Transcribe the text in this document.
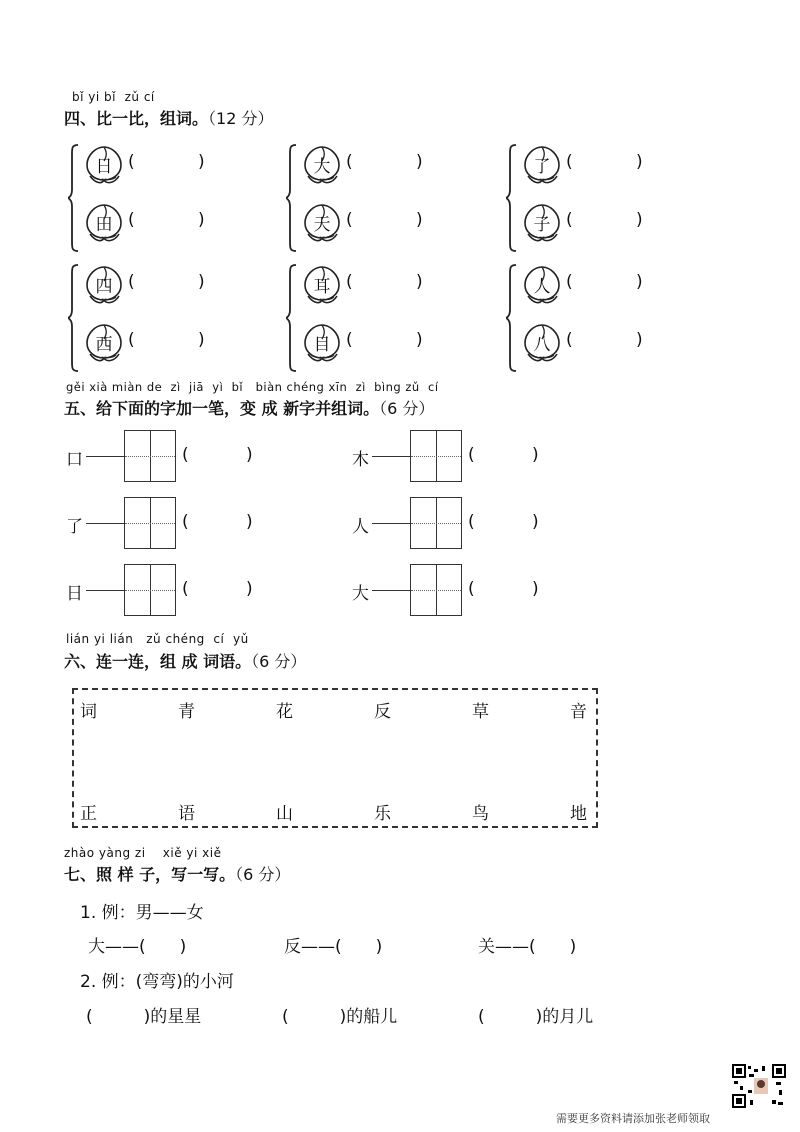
bǐ yi bǐ  zǔ cí
四、比一比，组词。（12 分）
日 (	)
田 (	)
大 (	)
天 (	)
了 (	)
子 (	)
四 (	)
西 (	)
耳 (	)
目 (	)
人 (	)
八 (	)
gěi xià miàn de  zì  jiā  yì  bǐ   biàn chéng xīn  zì  bìng zǔ  cí
五、给下面的字加一笔，变 成 新字并组词。（6 分）
口	(	)	木	(	)
了	(	)	人	(	)
日	(	)	大	(	)
lián yi lián   zǔ chéng  cí  yǔ
六、连一连，组 成 词语。（6 分）
词	青	花	反	草	音
正	语	山	乐	鸟	地
zhào yàng zi    xiě yi xiě
七、照 样 子，写一写。（6 分）
1. 例：男——女
大——(　　)	反——(　　)	关——(　　)
2. 例：(弯弯)的小河
(　　　)的星星	(　　　)的船儿	(　　　)的月儿
需要更多资料请添加张老师领取
